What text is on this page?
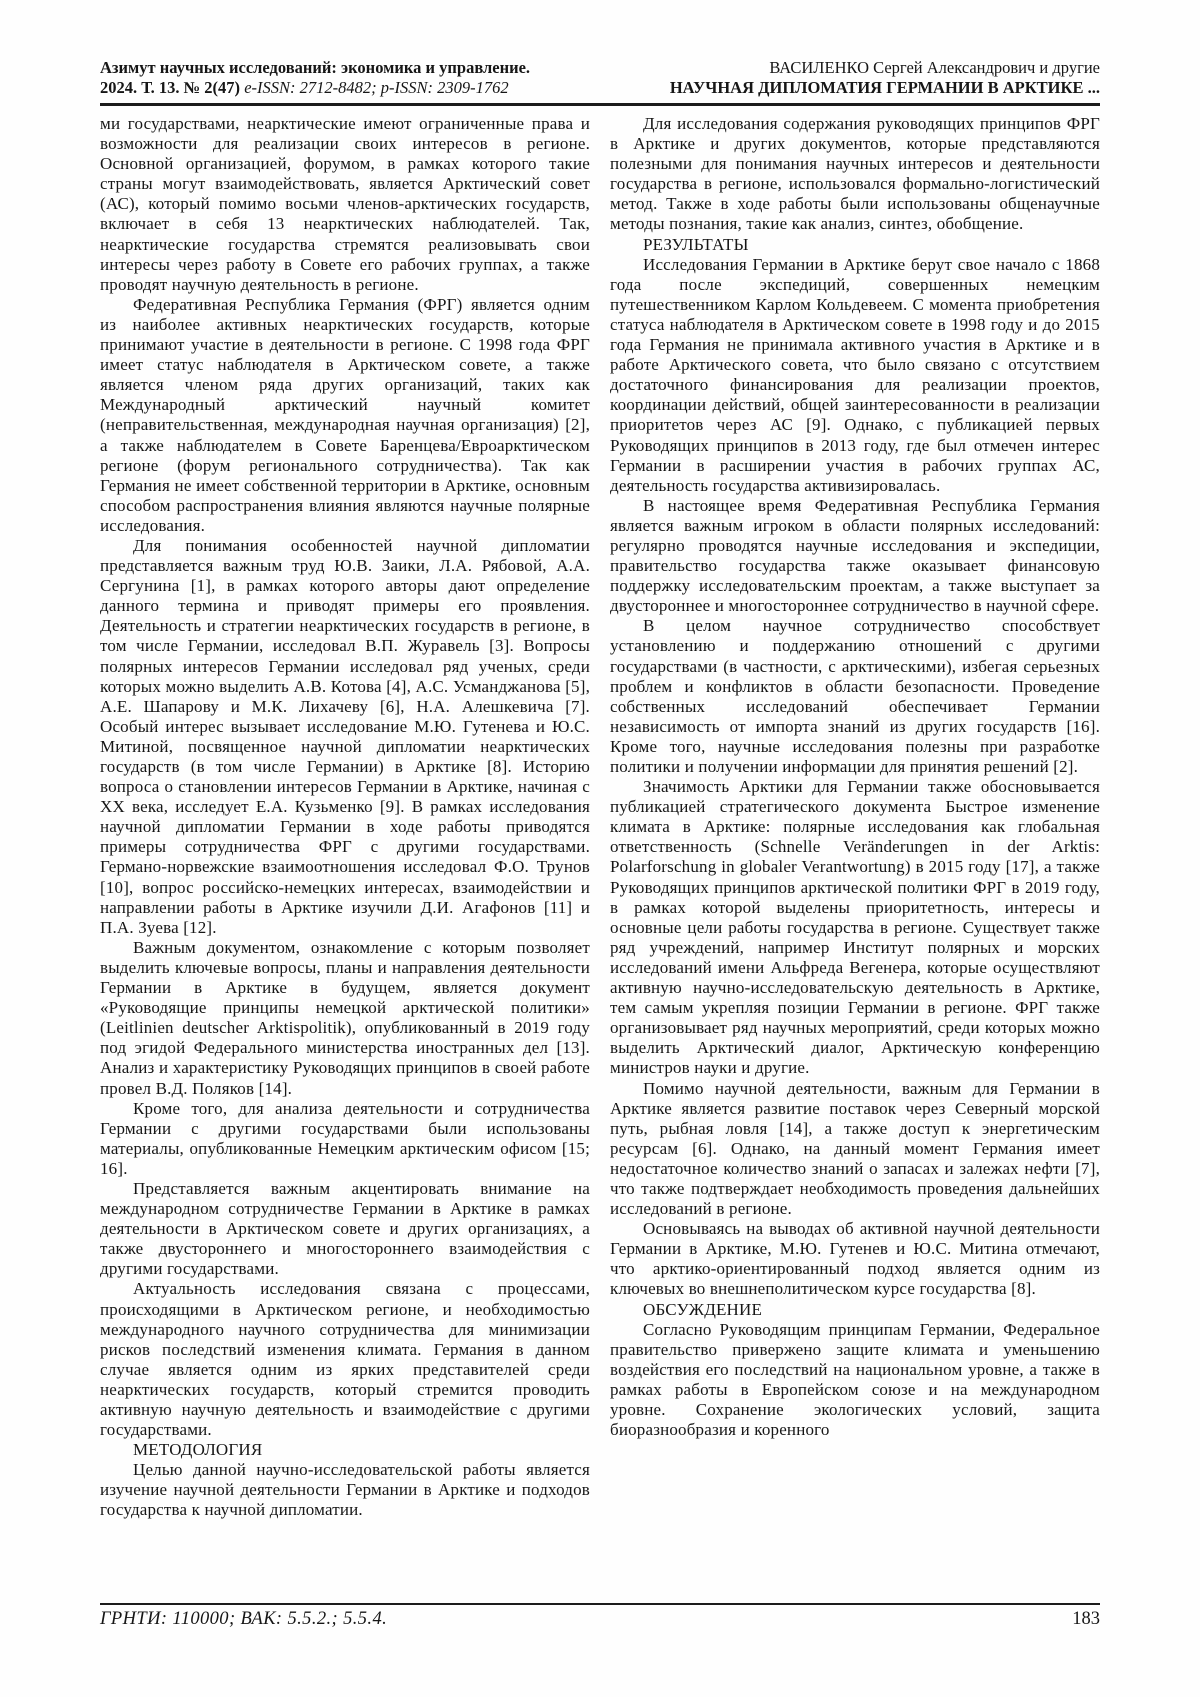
Азимут научных исследований: экономика и управление.
2024. Т. 13. № 2(47) e-ISSN: 2712-8482; p-ISSN: 2309-1762
ВАСИЛЕНКО Сергей Александрович и другие
НАУЧНАЯ ДИПЛОМАТИЯ ГЕРМАНИИ В АРКТИКЕ ...

ми государствами, неарктические имеют ограниченные права и возможности для реализации своих интересов в регионе. Основной организацией, форумом, в рамках которого такие страны могут взаимодействовать, является Арктический совет (АС), который помимо восьми членов-арктических государств, включает в себя 13 неарктических наблюдателей. Так, неарктические государства стремятся реализовывать свои интересы через работу в Совете его рабочих группах, а также проводят научную деятельность в регионе.

Федеративная Республика Германия (ФРГ) является одним из наиболее активных неарктических государств, которые принимают участие в деятельности в регионе. С 1998 года ФРГ имеет статус наблюдателя в Арктическом совете, а также является членом ряда других организаций, таких как Международный арктический научный комитет (неправительственная, международная научная организация) [2], а также наблюдателем в Совете Баренцева/Евроарктическом регионе (форум регионального сотрудничества). Так как Германия не имеет собственной территории в Арктике, основным способом распространения влияния являются научные полярные исследования.

Для понимания особенностей научной дипломатии представляется важным труд Ю.В. Заики, Л.А. Рябовой, А.А. Сергунина [1], в рамках которого авторы дают определение данного термина и приводят примеры его проявления. Деятельность и стратегии неарктических государств в регионе, в том числе Германии, исследовал В.П. Журавель [3]. Вопросы полярных интересов Германии исследовал ряд ученых, среди которых можно выделить А.В. Котова [4], А.С. Усманджанова [5], А.Е. Шапарову и М.К. Лихачеву [6], Н.А. Алешкевича [7]. Особый интерес вызывает исследование М.Ю. Гутенева и Ю.С. Митиной, посвященное научной дипломатии неарктических государств (в том числе Германии) в Арктике [8]. Историю вопроса о становлении интересов Германии в Арктике, начиная с XX века, исследует Е.А. Кузьменко [9]. В рамках исследования научной дипломатии Германии в ходе работы приводятся примеры сотрудничества ФРГ с другими государствами. Германо-норвежские взаимоотношения исследовал Ф.О. Трунов [10], вопрос российско-немецких интересах, взаимодействии и направлении работы в Арктике изучили Д.И. Агафонов [11] и П.А. Зуева [12].

Важным документом, ознакомление с которым позволяет выделить ключевые вопросы, планы и направления деятельности Германии в Арктике в будущем, является документ «Руководящие принципы немецкой арктической политики» (Leitlinien deutscher Arktispolitik), опубликованный в 2019 году под эгидой Федерального министерства иностранных дел [13]. Анализ и характеристику Руководящих принципов в своей работе провел В.Д. Поляков [14].

Кроме того, для анализа деятельности и сотрудничества Германии с другими государствами были использованы материалы, опубликованные Немецким арктическим офисом [15; 16].

Представляется важным акцентировать внимание на международном сотрудничестве Германии в Арктике в рамках деятельности в Арктическом совете и других организациях, а также двустороннего и многостороннего взаимодействия с другими государствами.

Актуальность исследования связана с процессами, происходящими в Арктическом регионе, и необходимостью международного научного сотрудничества для минимизации рисков последствий изменения климата. Германия в данном случае является одним из ярких представителей среди неарктических государств, который стремится проводить активную научную деятельность и взаимодействие с другими государствами.

МЕТОДОЛОГИЯ

Целью данной научно-исследовательской работы является изучение научной деятельности Германии в Арктике и подходов государства к научной дипломатии.

Для исследования содержания руководящих принципов ФРГ в Арктике и других документов, которые представляются полезными для понимания научных интересов и деятельности государства в регионе, использовался формально-логистический метод. Также в ходе работы были использованы общенаучные методы познания, такие как анализ, синтез, обобщение.

РЕЗУЛЬТАТЫ

Исследования Германии в Арктике берут свое начало с 1868 года после экспедиций, совершенных немецким путешественником Карлом Кольдевеем. С момента приобретения статуса наблюдателя в Арктическом совете в 1998 году и до 2015 года Германия не принимала активного участия в Арктике и в работе Арктического совета, что было связано с отсутствием достаточного финансирования для реализации проектов, координации действий, общей заинтересованности в реализации приоритетов через АС [9]. Однако, с публикацией первых Руководящих принципов в 2013 году, где был отмечен интерес Германии в расширении участия в рабочих группах АС, деятельность государства активизировалась.

В настоящее время Федеративная Республика Германия является важным игроком в области полярных исследований: регулярно проводятся научные исследования и экспедиции, правительство государства также оказывает финансовую поддержку исследовательским проектам, а также выступает за двустороннее и многостороннее сотрудничество в научной сфере.

В целом научное сотрудничество способствует установлению и поддержанию отношений с другими государствами (в частности, с арктическими), избегая серьезных проблем и конфликтов в области безопасности. Проведение собственных исследований обеспечивает Германии независимость от импорта знаний из других государств [16]. Кроме того, научные исследования полезны при разработке политики и получении информации для принятия решений [2].

Значимость Арктики для Германии также обосновывается публикацией стратегического документа Быстрое изменение климата в Арктике: полярные исследования как глобальная ответственность (Schnelle Veränderungen in der Arktis: Polarforschung in globaler Verantwortung) в 2015 году [17], а также Руководящих принципов арктической политики ФРГ в 2019 году, в рамках которой выделены приоритетность, интересы и основные цели работы государства в регионе. Существует также ряд учреждений, например Институт полярных и морских исследований имени Альфреда Вегенера, которые осуществляют активную научно-исследовательскую деятельность в Арктике, тем самым укрепляя позиции Германии в регионе. ФРГ также организовывает ряд научных мероприятий, среди которых можно выделить Арктический диалог, Арктическую конференцию министров науки и другие.

Помимо научной деятельности, важным для Германии в Арктике является развитие поставок через Северный морской путь, рыбная ловля [14], а также доступ к энергетическим ресурсам [6]. Однако, на данный момент Германия имеет недостаточное количество знаний о запасах и залежах нефти [7], что также подтверждает необходимость проведения дальнейших исследований в регионе.

Основываясь на выводах об активной научной деятельности Германии в Арктике, М.Ю. Гутенев и Ю.С. Митина отмечают, что арктико-ориентированный подход является одним из ключевых во внешнеполитическом курсе государства [8].

ОБСУЖДЕНИЕ

Согласно Руководящим принципам Германии, Федеральное правительство привержено защите климата и уменьшению воздействия его последствий на национальном уровне, а также в рамках работы в Европейском союзе и на международном уровне. Сохранение экологических условий, защита биоразнообразия и коренного

ГРНТИ: 110000; ВАК: 5.5.2.; 5.5.4.	183
